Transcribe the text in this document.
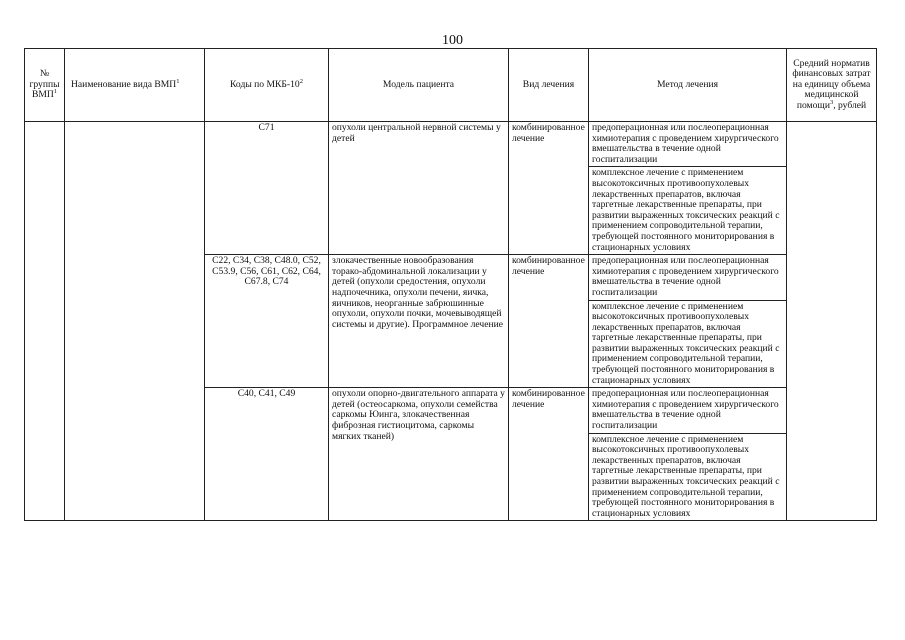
100
№ группы ВМП$^1$	Наименование вида ВМП$^1$	Коды по МКБ-$10^2$	Модель пациента	Вид лечения	Метод лечения	Средний норматив финансовых затрат на единицу объема медицинской помощи$^3$, рублей
		C71	опухоли центральной нервной системы у детей	комбинированное лечение	предоперационная или послеоперационная химиотерапия с проведением хирургического вмешательства в течение одной госпитализации	
					комплексное лечение с применением высокотоксичных противоопухолевых лекарственных препаратов, включая таргетные лекарственные препараты, при развитии выраженных токсических реакций с применением сопроводительной терапии, требующей постоянного мониторирования в стационарных условиях	
		C22, C34, C38, C48.0, C52, C53.9, C56, C61, C62, C64, C67.8, C74	злокачественные новообразования торако-абдоминальной локализации у детей (опухоли средостения, опухоли надпочечника, опухоли печени, яичка, яичников, неорганные забрюшинные опухоли, опухоли почки, мочевыводящей системы и другие). Программное лечение	комбинированное лечение	предоперационная или послеоперационная химиотерапия с проведением хирургического вмешательства в течение одной госпитализации	
					комплексное лечение с применением высокотоксичных противоопухолевых лекарственных препаратов, включая таргетные лекарственные препараты, при развитии выраженных токсических реакций с применением сопроводительной терапии, требующей постоянного мониторирования в стационарных условиях	
		C40, C41, C49	опухоли опорно-двигательного аппарата у детей (остеосаркома, опухоли семейства саркомы Юинга, злокачественная фиброзная гистиоцитома, саркомы мягких тканей)	комбинированное лечение	предоперационная или послеоперационная химиотерапия с проведением хирургического вмешательства в течение одной госпитализации	
					комплексное лечение с применением высокотоксичных противоопухолевых лекарственных препаратов, включая таргетные лекарственные препараты, при развитии выраженных токсических реакций с применением сопроводительной терапии, требующей постоянного мониторирования в стационарных условиях	
